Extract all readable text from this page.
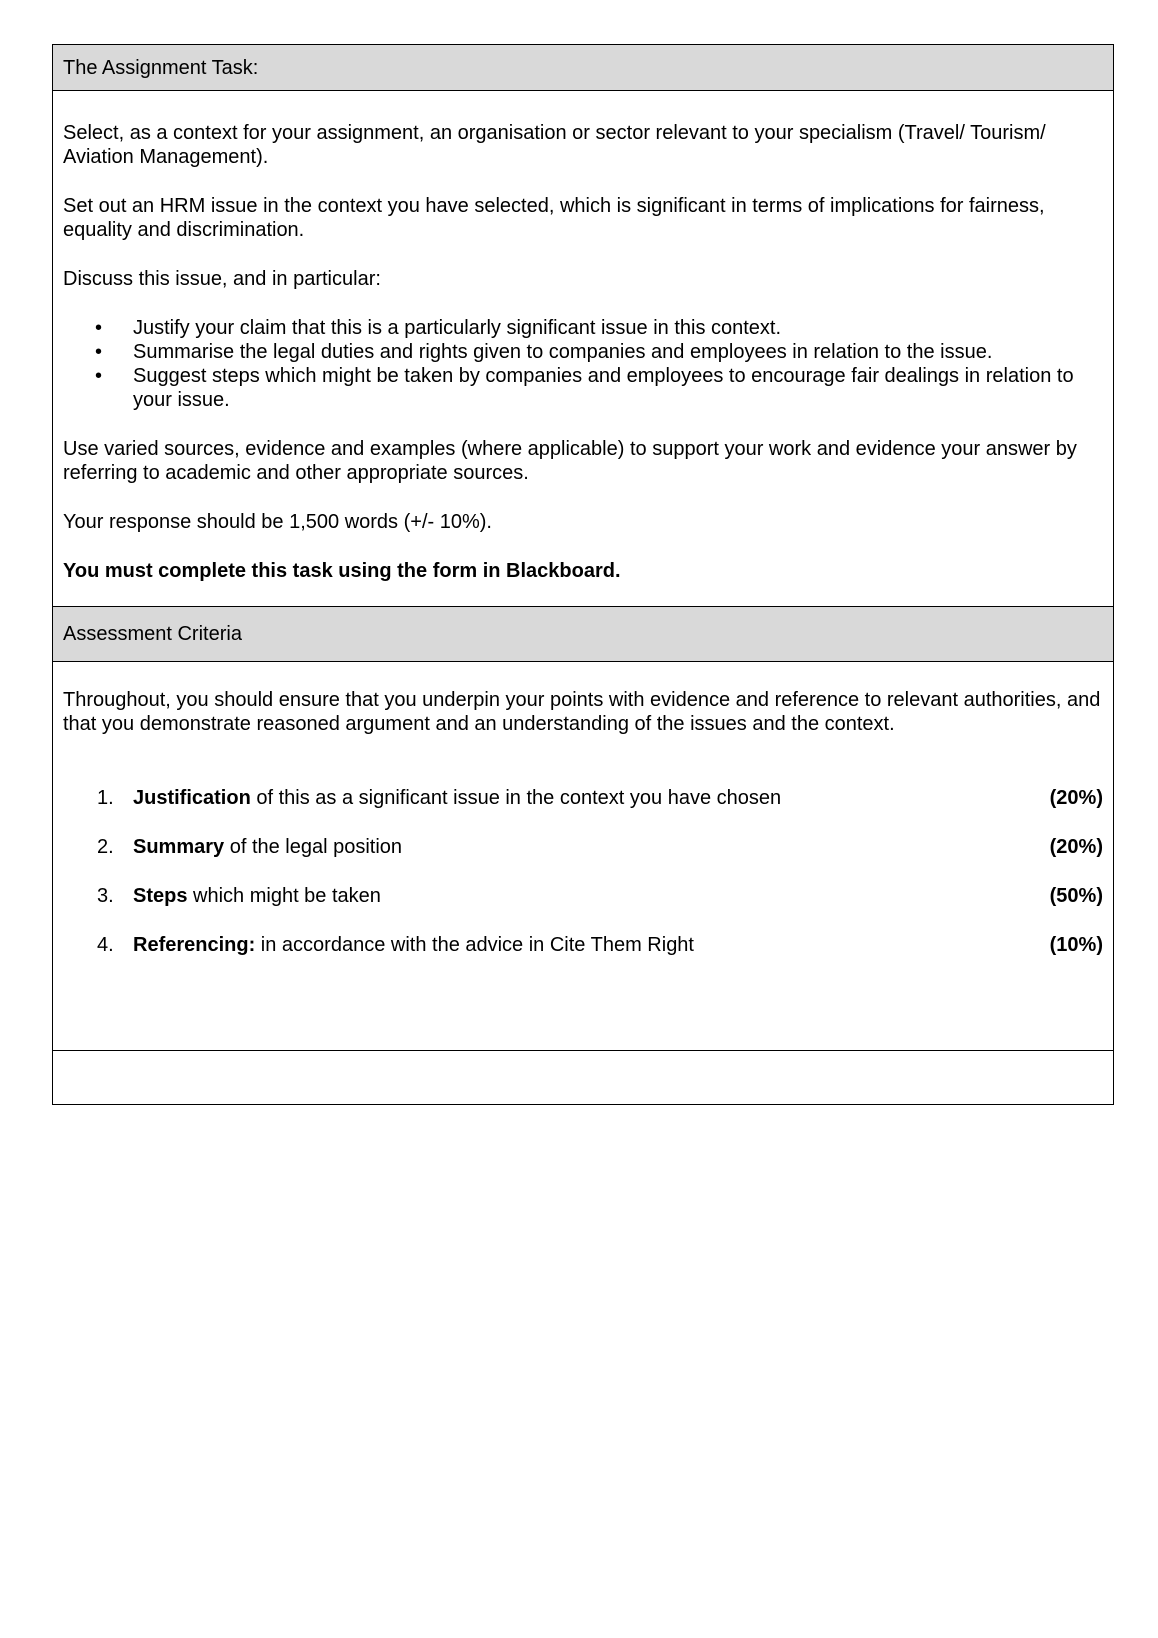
The Assignment Task:

Select, as a context for your assignment, an organisation or sector relevant to your specialism (Travel/ Tourism/ Aviation Management).

Set out an HRM issue in the context you have selected, which is significant in terms of implications for fairness, equality and discrimination.

Discuss this issue, and in particular:

• Justify your claim that this is a particularly significant issue in this context.
• Summarise the legal duties and rights given to companies and employees in relation to the issue.
• Suggest steps which might be taken by companies and employees to encourage fair dealings in relation to your issue.

Use varied sources, evidence and examples (where applicable) to support your work and evidence your answer by referring to academic and other appropriate sources.

Your response should be 1,500 words (+/- 10%).

You must complete this task using the form in Blackboard.

Assessment Criteria

Throughout, you should ensure that you underpin your points with evidence and reference to relevant authorities, and that you demonstrate reasoned argument and an understanding of the issues and the context.

1. Justification of this as a significant issue in the context you have chosen	(20%)
2. Summary of the legal position	(20%)
3. Steps which might be taken	(50%)
4. Referencing: in accordance with the advice in Cite Them Right	(10%)
